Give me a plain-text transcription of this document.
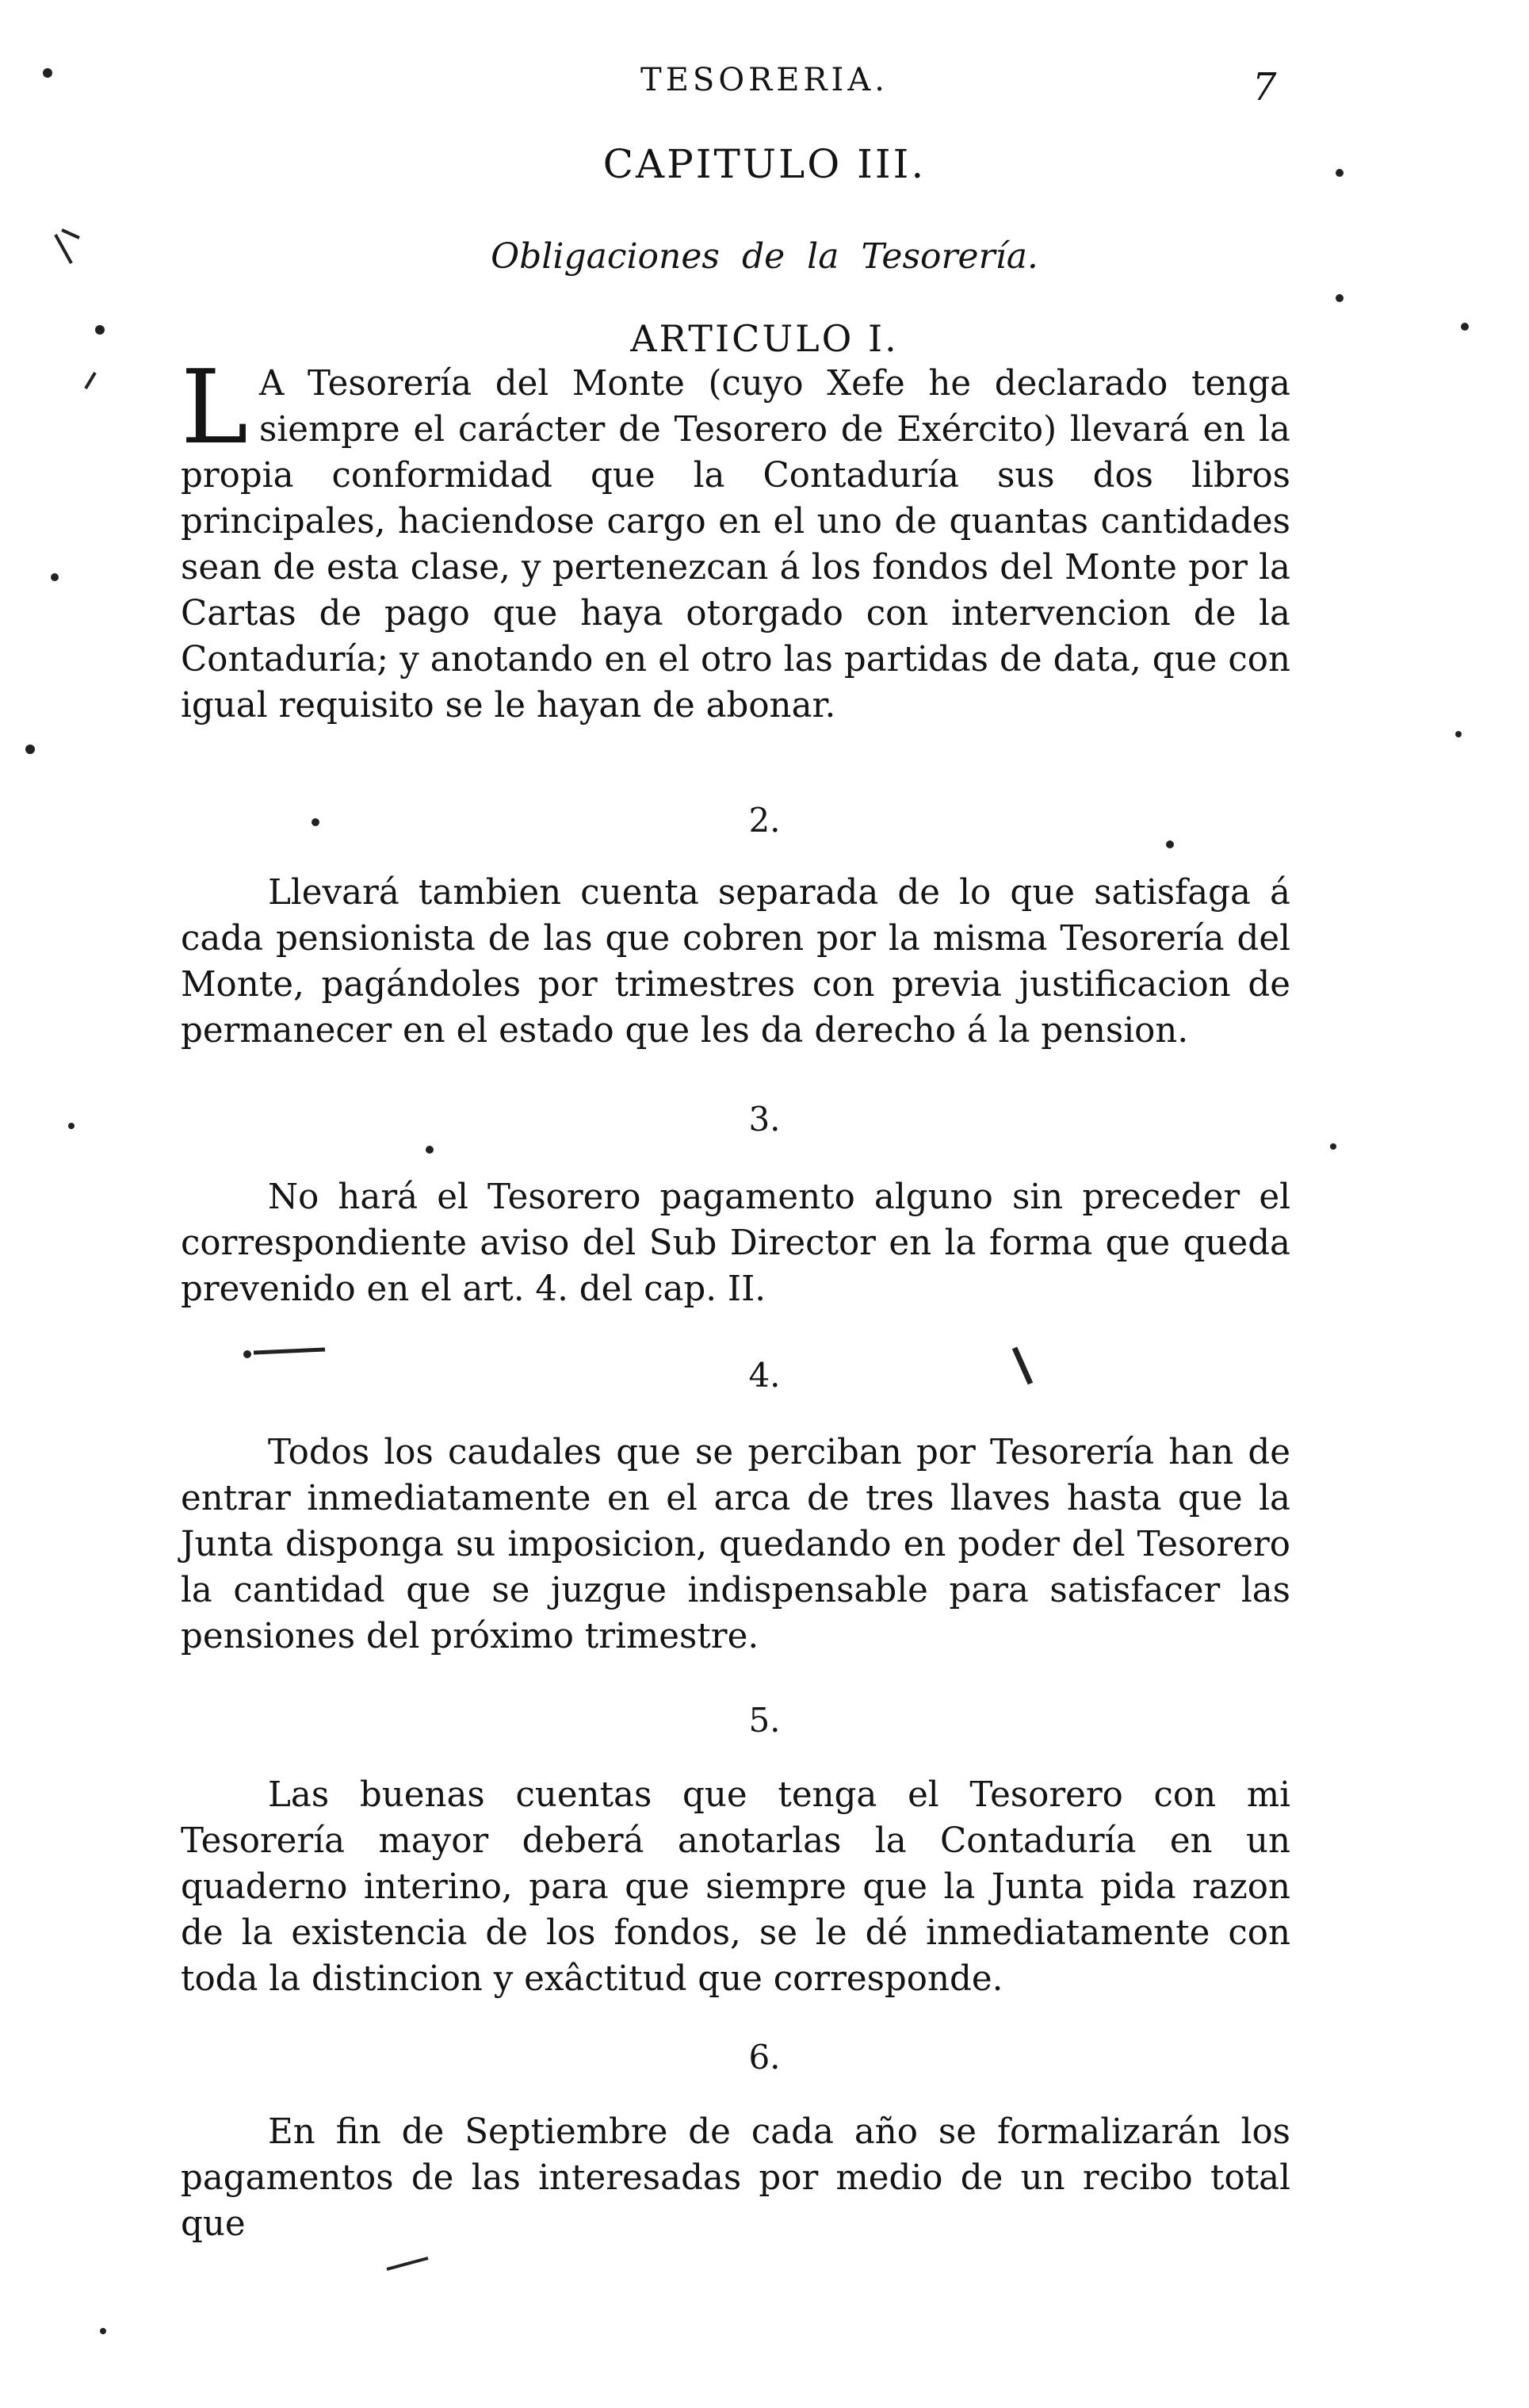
TESORERIA.	7
CAPITULO III.
Obligaciones de la Tesorería.
ARTICULO I.

L A Tesorería del Monte (cuyo Xefe he declarado tenga siempre el carácter de Tesorero de Exército) llevará en la propia conformidad que la Contaduría sus dos libros principales, haciendose cargo en el uno de quantas cantidades sean de esta clase, y pertenezcan á los fondos del Monte por la Cartas de pago que haya otorgado con intervencion de la Contaduría; y anotando en el otro las partidas de data, que con igual requisito se le hayan de abonar.

2.

Llevará tambien cuenta separada de lo que satisfaga á cada pensionista de las que cobren por la misma Tesorería del Monte, pagándoles por trimestres con previa justificacion de permanecer en el estado que les da derecho á la pension.

3.

No hará el Tesorero pagamento alguno sin preceder el correspondiente aviso del Sub Director en la forma que queda prevenido en el art. 4. del cap. II.

4.

Todos los caudales que se perciban por Tesorería han de entrar inmediatamente en el arca de tres llaves hasta que la Junta disponga su imposicion, quedando en poder del Tesorero la cantidad que se juzgue indispensable para satisfacer las pensiones del próximo trimestre.

5.

Las buenas cuentas que tenga el Tesorero con mi Tesorería mayor deberá anotarlas la Contaduría en un quaderno interino, para que siempre que la Junta pida razon de la existencia de los fondos, se le dé inmediatamente con toda la distincion y exâctitud que corresponde.

6.

En fin de Septiembre de cada año se formalizarán los pagamentos de las interesadas por medio de un recibo total que
